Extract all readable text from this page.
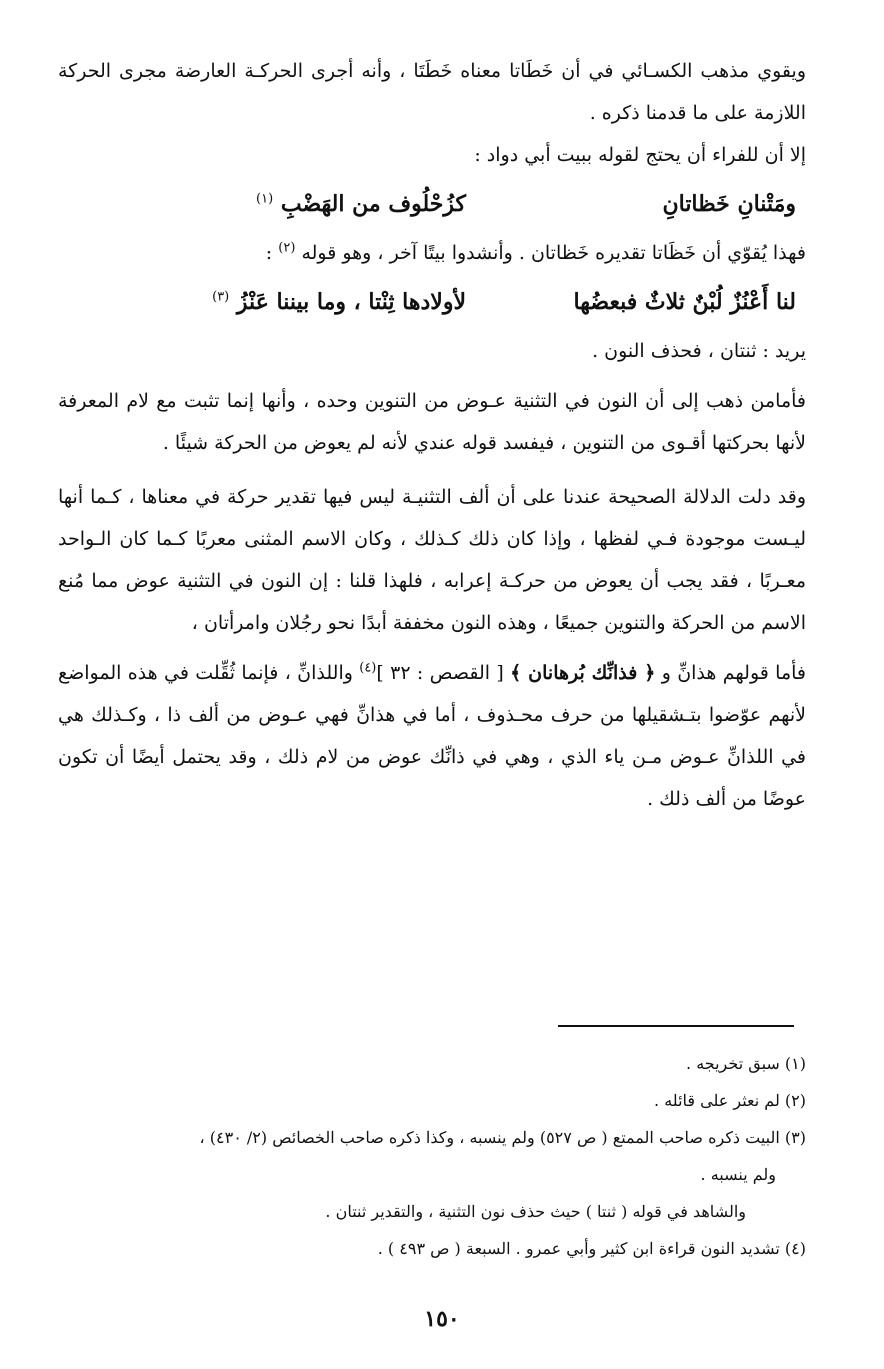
ويقوي مذهب الكسـائي في أن خَطَاتا معناه خَطَتَا ، وأنه أجرى الحركـة العارضة مجرى الحركة اللازمة على ما قدمنا ذكره .

إلا أن للفراء أن يحتج لقوله ببيت أبي دواد :

ومَتْنانِ خَظاتانِ
كزُحْلُوف من الهَضْبِ $^{(١)}$

فهذا يُقوّي أن خَظَاتا تقديره خَظاتان . وأنشدوا بيتًا آخر ، وهو قوله $^{(٢)}$ :

لنا أَعْنُزٌ لُبْنٌ ثلاثٌ فبعضُها
لأولادها ثِنْتا ، وما بيننا عَنْزُ $^{(٣)}$

يريد : ثنتان ، فحذف النون .

فأمامن ذهب إلى أن النون في التثنية عـوض من التنوين وحده ، وأنها إنما تثبت مع لام المعرفة لأنها بحركتها أقـوى من التنوين ، فيفسد قوله عندي لأنه لم يعوض من الحركة شيئًا .

وقد دلت الدلالة الصحيحة عندنا على أن ألف التثنيـة ليس فيها تقدير حركة في معناها ، كـما أنها ليـست موجودة فـي لفظها ، وإذا كان ذلك كـذلك ، وكان الاسم المثنى معربًا كـما كان الـواحد معـربًا ، فقد يجب أن يعوض من حركـة إعرابه ، فلهذا قلنا : إن النون في التثنية عوض مما مُنع الاسم من الحركة والتنوين جميعًا ، وهذه النون مخففة أبدًا نحو رجُلان وامرأتان ،

فأما قولهم هذانِّ و ﴿ فذانِّك بُرهانان ﴾ [ القصص : ٣٢ ]$^{(٤)}$ واللذانِّ ، فإنما ثُقِّلت في هذه المواضع لأنهم عوّضوا بتـشقيلها من حرف محـذوف ، أما في هذانِّ فهي عـوض من ألف ذا ، وكـذلك هي في اللذانِّ عـوض مـن ياء الذي ، وهي في ذانِّك عوض من لام ذلك ، وقد يحتمل أيضًا أن تكون عوضًا من ألف ذلك .

(١) سبق تخريجه .

(٢) لم نعثر على قائله .

(٣) البيت ذكره صاحب الممتع ( ص ٥٢٧) ولم ينسبه ، وكذا ذكره صاحب الخصائص (٢/ ٤٣٠) ،

ولم ينسبه .

والشاهد في قوله ( ثنتا ) حيث حذف نون التثنية ، والتقدير ثنتان .

(٤) تشديد النون قراءة ابن كثير وأبي عمرو . السبعة ( ص ٤٩٣ ) .

١٥٠
